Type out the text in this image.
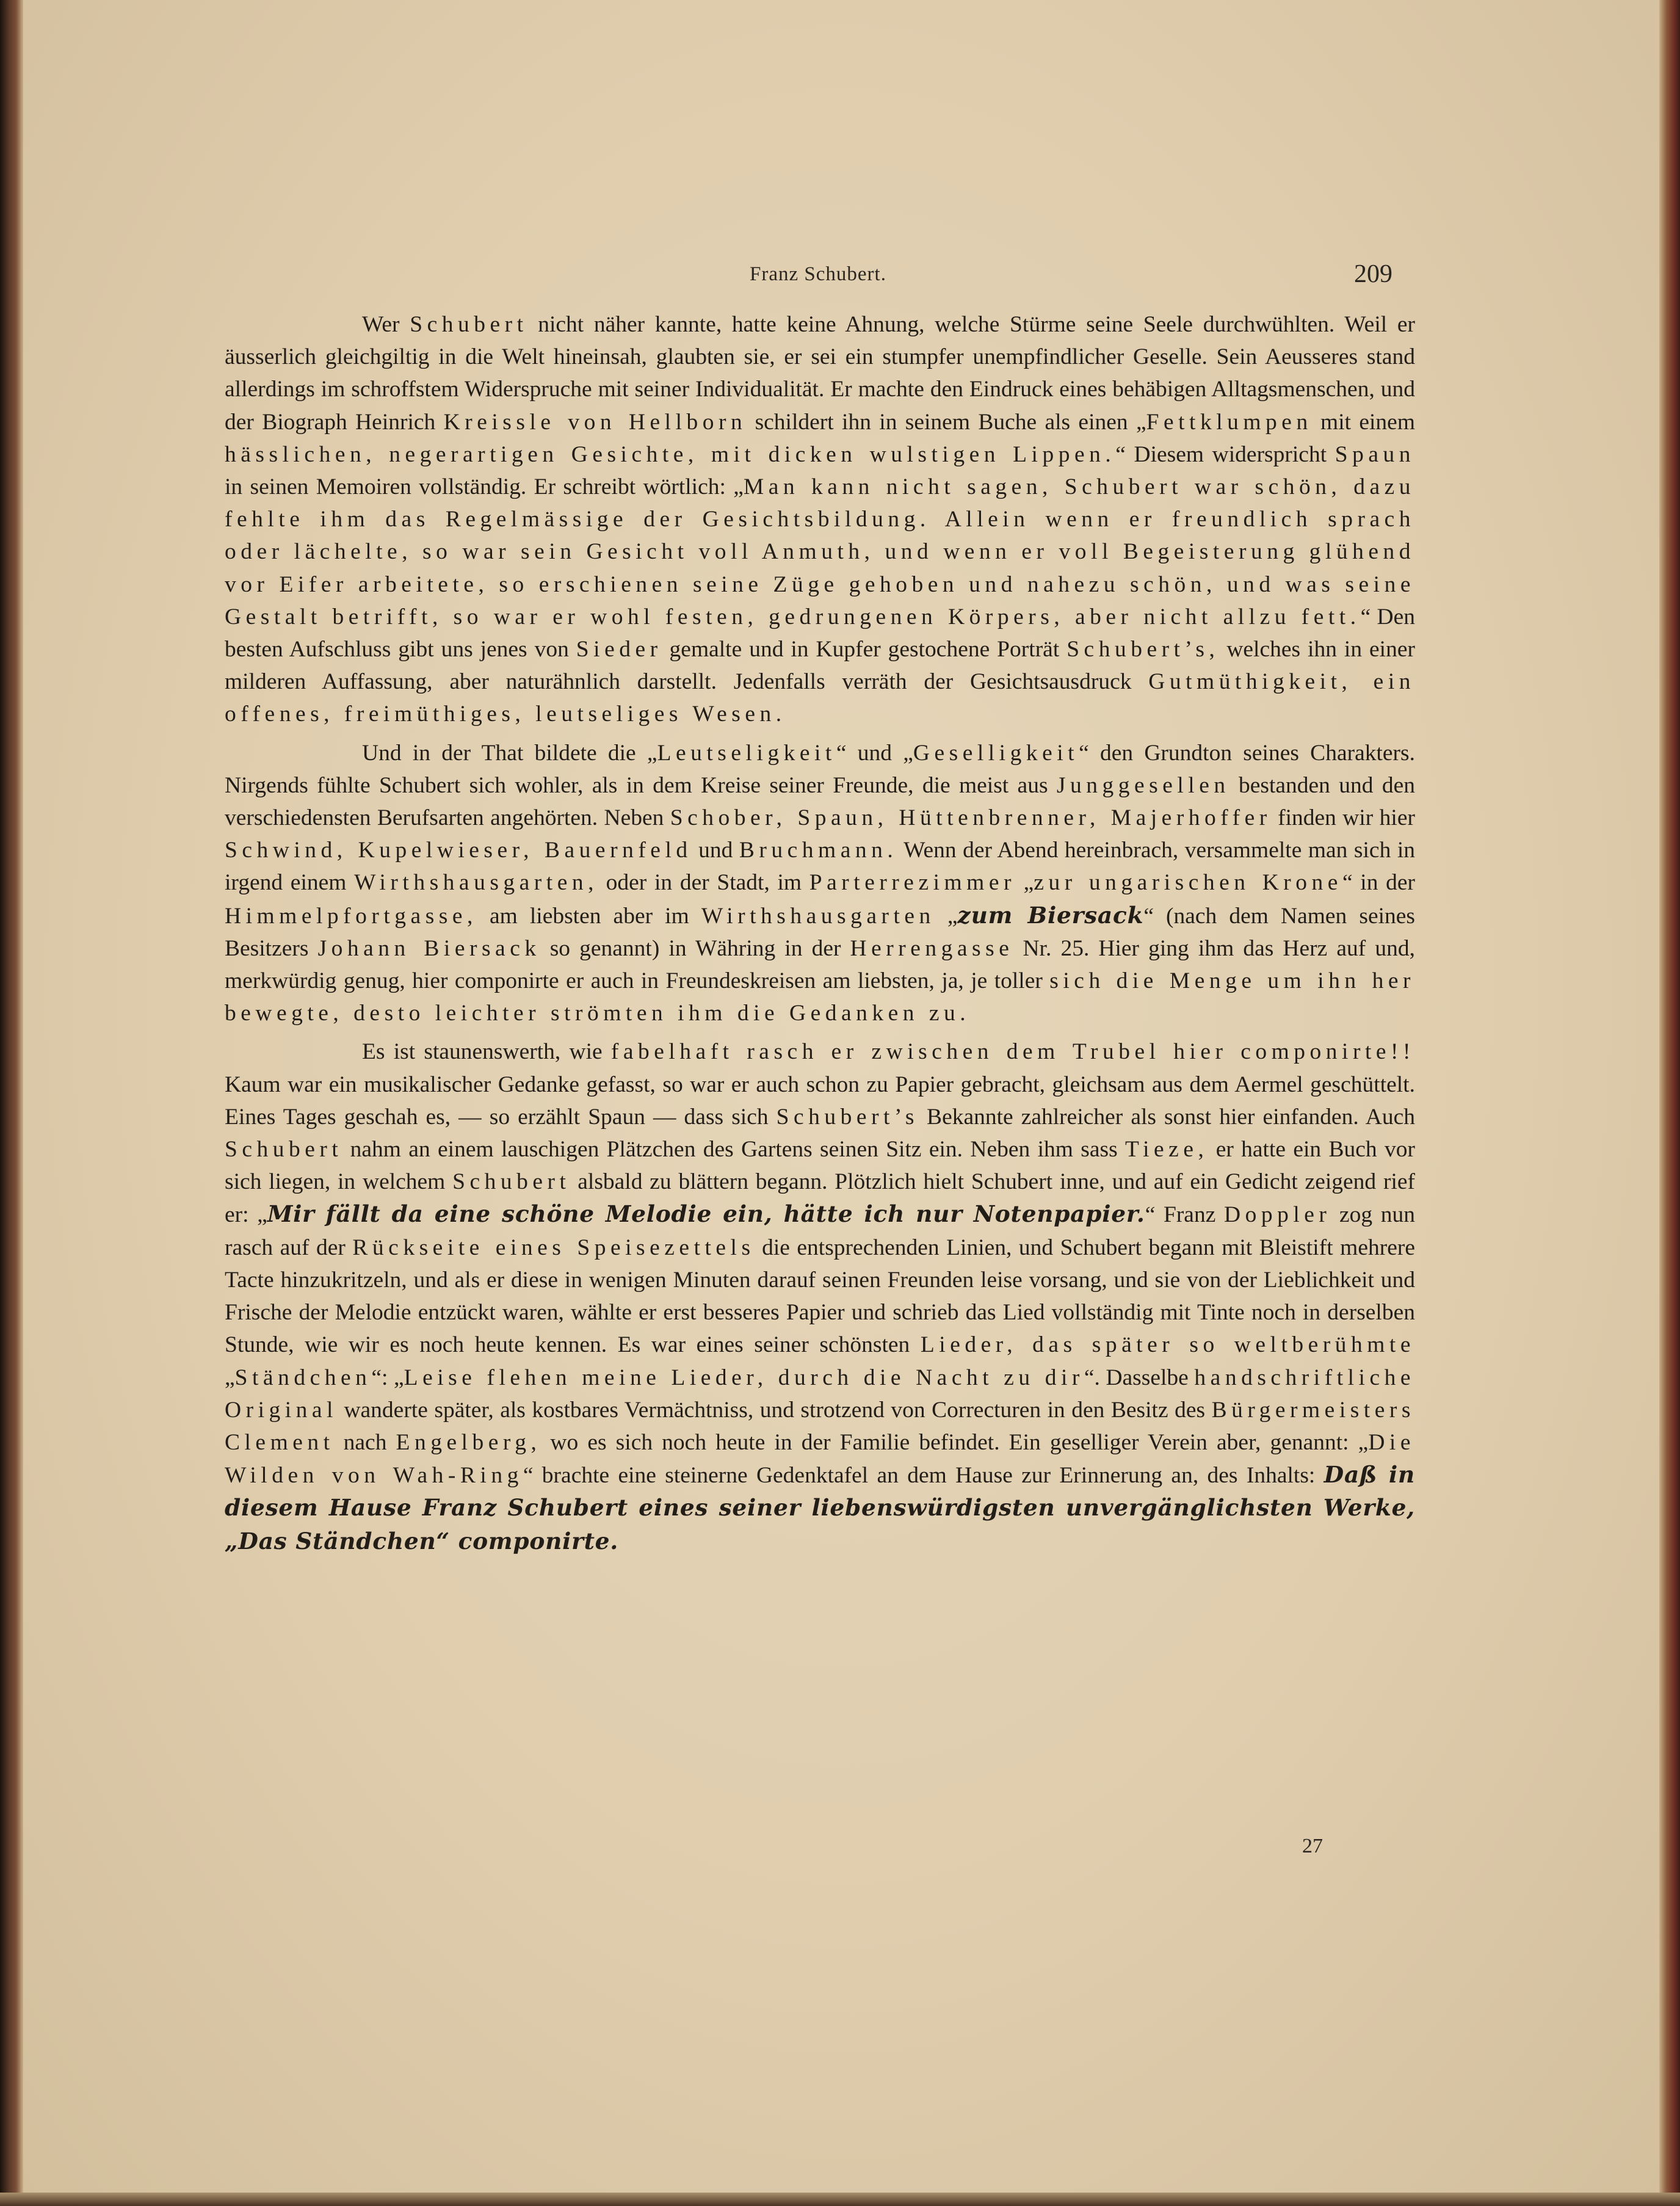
Franz Schubert.	209

Wer Schubert nicht näher kannte, hatte keine Ahnung, welche Stürme seine Seele durchwühlten. Weil er äusserlich gleichgiltig in die Welt hineinsah, glaubten sie, er sei ein stumpfer unempfindlicher Geselle. Sein Aeusseres stand allerdings im schroffstem Widerspruche mit seiner Individualität. Er machte den Eindruck eines behäbigen Alltagsmenschen, und der Biograph Heinrich Kreissle von Hellborn schildert ihn in seinem Buche als einen „Fettklumpen mit einem hässlichen, negerartigen Gesichte, mit dicken wulstigen Lippen.“ Diesem widerspricht Spaun in seinen Memoiren vollständig. Er schreibt wörtlich: „Man kann nicht sagen, Schubert war schön, dazu fehlte ihm das Regelmässige der Gesichtsbildung. Allein wenn er freundlich sprach oder lächelte, so war sein Gesicht voll Anmuth, und wenn er voll Begeisterung glühend vor Eifer arbeitete, so erschienen seine Züge gehoben und nahezu schön, und was seine Gestalt betrifft, so war er wohl festen, gedrungenen Körpers, aber nicht allzu fett.“ Den besten Aufschluss gibt uns jenes von Sieder gemalte und in Kupfer gestochene Porträt Schubert’s, welches ihn in einer milderen Auffassung, aber naturähnlich darstellt. Jedenfalls verräth der Gesichtsausdruck Gutmüthigkeit, ein offenes, freimüthiges, leutseliges Wesen.

Und in der That bildete die „Leutseligkeit“ und „Geselligkeit“ den Grundton seines Charakters. Nirgends fühlte Schubert sich wohler, als in dem Kreise seiner Freunde, die meist aus Junggesellen bestanden und den verschiedensten Berufsarten angehörten. Neben Schober, Spaun, Hüttenbrenner, Majerhoffer finden wir hier Schwind, Kupelwieser, Bauernfeld und Bruchmann. Wenn der Abend hereinbrach, versammelte man sich in irgend einem Wirthshausgarten, oder in der Stadt, im Parterrezimmer „zur ungarischen Krone“ in der Himmelpfortgasse, am liebsten aber im Wirthshausgarten „zum Biersack“ (nach dem Namen seines Besitzers Johann Biersack so genannt) in Währing in der Herrengasse Nr. 25. Hier ging ihm das Herz auf und, merkwürdig genug, hier componirte er auch in Freundeskreisen am liebsten, ja, je toller sich die Menge um ihn her bewegte, desto leichter strömten ihm die Gedanken zu.

Es ist staunenswerth, wie fabelhaft rasch er zwischen dem Trubel hier componirte!! Kaum war ein musikalischer Gedanke gefasst, so war er auch schon zu Papier gebracht, gleichsam aus dem Aermel geschüttelt. Eines Tages geschah es, — so erzählt Spaun — dass sich Schubert’s Bekannte zahlreicher als sonst hier einfanden. Auch Schubert nahm an einem lauschigen Plätzchen des Gartens seinen Sitz ein. Neben ihm sass Tieze, er hatte ein Buch vor sich liegen, in welchem Schubert alsbald zu blättern begann. Plötzlich hielt Schubert inne, und auf ein Gedicht zeigend rief er: „Mir fällt da eine schöne Melodie ein, hätte ich nur Notenpapier.“ Franz Doppler zog nun rasch auf der Rückseite eines Speisezettels die entsprechenden Linien, und Schubert begann mit Bleistift mehrere Tacte hinzukritzeln, und als er diese in wenigen Minuten darauf seinen Freunden leise vorsang, und sie von der Lieblichkeit und Frische der Melodie entzückt waren, wählte er erst besseres Papier und schrieb das Lied vollständig mit Tinte noch in derselben Stunde, wie wir es noch heute kennen. Es war eines seiner schönsten Lieder, das später so weltberühmte „Ständchen“: „Leise flehen meine Lieder, durch die Nacht zu dir“. Dasselbe handschriftliche Original wanderte später, als kostbares Vermächtniss, und strotzend von Correcturen in den Besitz des Bürgermeisters Clement nach Engelberg, wo es sich noch heute in der Familie befindet. Ein geselliger Verein aber, genannt: „Die Wilden von Wah-Ring“ brachte eine steinerne Gedenktafel an dem Hause zur Erinnerung an, des Inhalts: Daß in diesem Hause Franz Schubert eines seiner liebenswürdigsten unvergänglichsten Werke, „Das Ständchen“ componirte.

27
